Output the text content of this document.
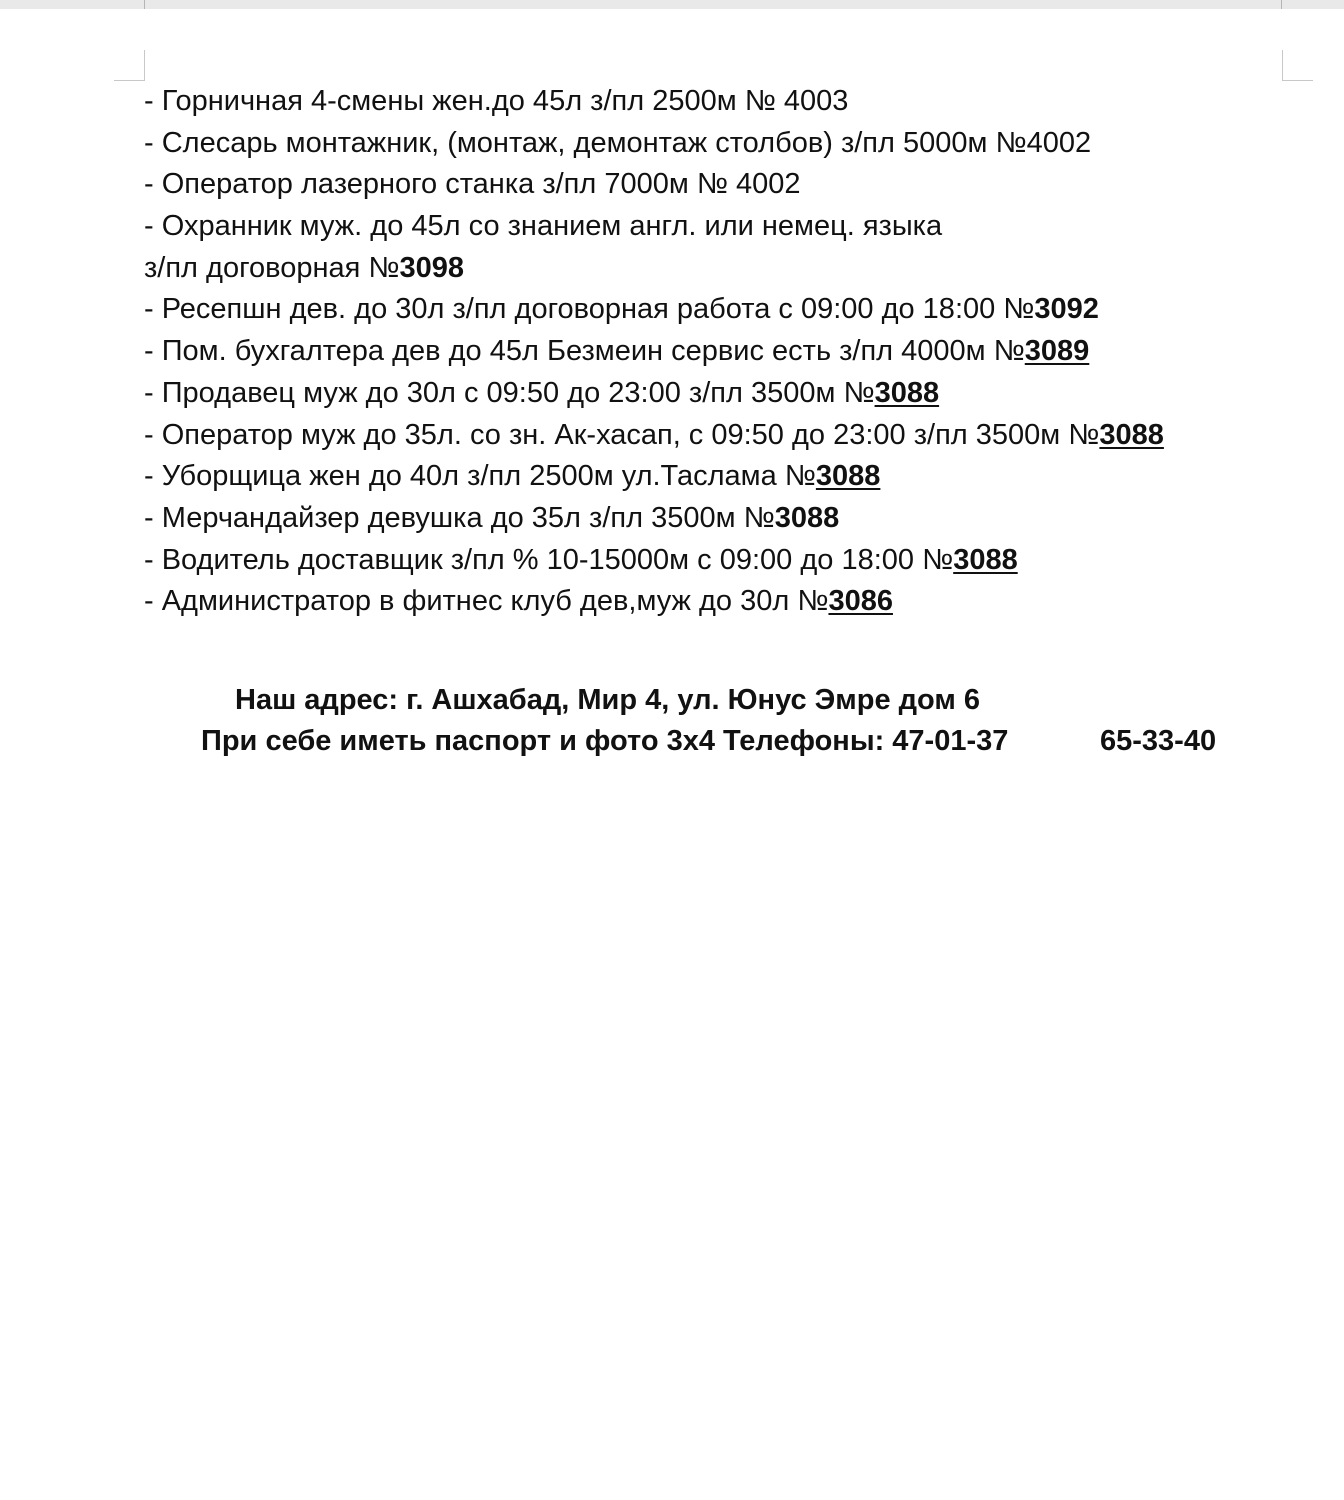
- Горничная 4-смены жен.до 45л з/пл 2500м № 4003
- Слесарь монтажник, (монтаж, демонтаж столбов) з/пл 5000м №4002
- Оператор лазерного станка з/пл 7000м № 4002
- Охранник муж. до 45л со знанием англ. или немец. языка
з/пл договорная №3098
- Ресепшн дев. до 30л з/пл договорная работа с 09:00 до 18:00 №3092
- Пом. бухгалтера дев до 45л Безмеин сервис есть з/пл 4000м №3089
- Продавец муж до 30л с 09:50 до 23:00 з/пл 3500м №3088
- Оператор муж до 35л. со зн. Ак-хасап, с 09:50 до 23:00 з/пл 3500м №3088
- Уборщица жен до 40л з/пл 2500м ул.Таслама №3088
- Мерчандайзер девушка до 35л з/пл 3500м №3088
- Водитель доставщик з/пл % 10-15000м с 09:00 до 18:00 №3088
- Администратор в фитнес клуб дев,муж до 30л №3086
Наш адрес: г. Ашхабад, Мир 4, ул. Юнус Эмре дом 6
При себе иметь паспорт и фото 3х4 Телефоны: 47-01-37	65-33-40
